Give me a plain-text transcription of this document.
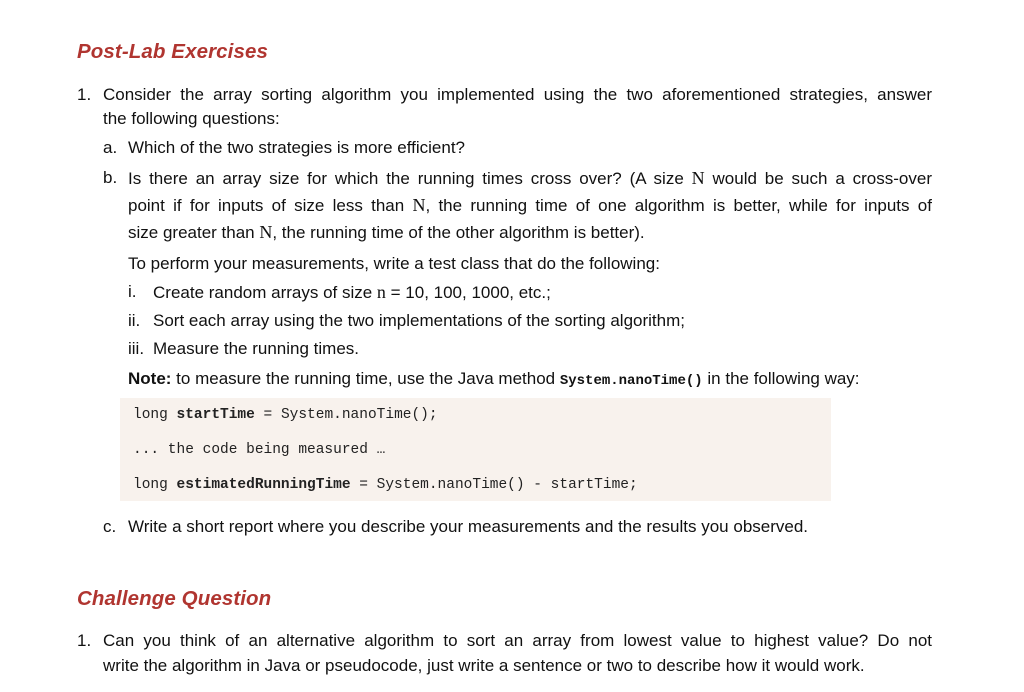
Post-Lab Exercises

1. Consider the array sorting algorithm you implemented using the two aforementioned strategies, answer

the following questions:

a. Which of the two strategies is more efficient?

b. Is there an array size for which the running times cross over? (A size N would be such a cross-over

point if for inputs of size less than N, the running time of one algorithm is better, while for inputs of

size greater than N, the running time of the other algorithm is better).

To perform your measurements, write a test class that do the following:

i. Create random arrays of size n = 10, 100, 1000, etc.;

ii. Sort each array using the two implementations of the sorting algorithm;

iii. Measure the running times.

Note: to measure the running time, use the Java method System.nanoTime() in the following way:

long startTime = System.nanoTime();

... the code being measured …

long estimatedRunningTime = System.nanoTime() - startTime;

c. Write a short report where you describe your measurements and the results you observed.

Challenge Question

1. Can you think of an alternative algorithm to sort an array from lowest value to highest value? Do not

write the algorithm in Java or pseudocode, just write a sentence or two to describe how it would work.
